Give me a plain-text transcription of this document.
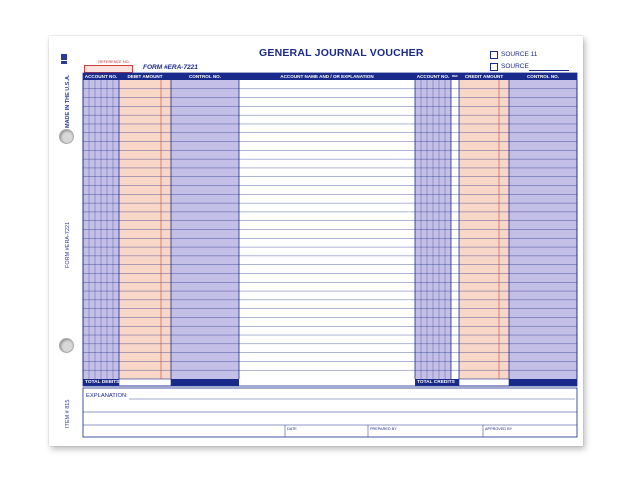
MADE IN THE U.S.A.
FORM #ERA-7221
ITEM # 815
GENERAL JOURNAL VOUCHER
REFERENCE NO.
FORM #ERA-7221
SOURCE 11
SOURCE
ACCOUNT NO.	DEBIT AMOUNT	CONTROL NO.	ACCOUNT NAME AND / OR EXPLANATION	ACCOUNT NO. REF	CREDIT AMOUNT	CONTROL NO.
TOTAL DEBITS	TOTAL CREDITS
EXPLANATION:
DATE	PREPARED BY	APPROVED BY
